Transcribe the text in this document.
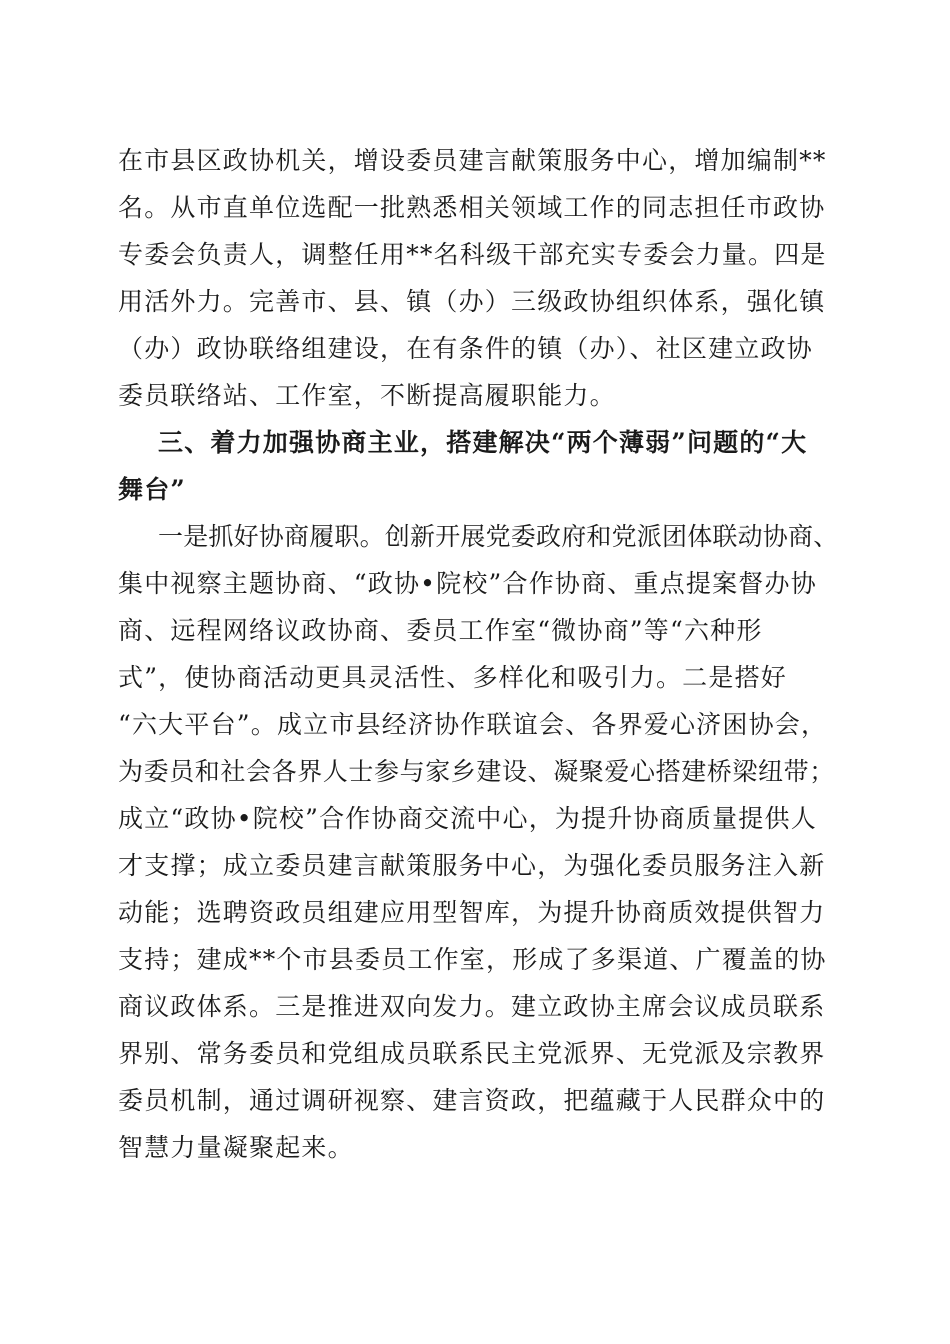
在市县区政协机关，增设委员建言献策服务中心，增加编制**
名。从市直单位选配一批熟悉相关领域工作的同志担任市政协
专委会负责人，调整任用**名科级干部充实专委会力量。四是
用活外力。完善市、县、镇（办）三级政协组织体系，强化镇
（办）政协联络组建设，在有条件的镇（办）、社区建立政协
委员联络站、工作室，不断提高履职能力。
三、着力加强协商主业，搭建解决“两个薄弱”问题的“大
舞台”
一是抓好协商履职。创新开展党委政府和党派团体联动协商、
集中视察主题协商、“政协•院校”合作协商、重点提案督办协
商、远程网络议政协商、委员工作室“微协商”等“六种形
式”，使协商活动更具灵活性、多样化和吸引力。二是搭好
“六大平台”。成立市县经济协作联谊会、各界爱心济困协会，
为委员和社会各界人士参与家乡建设、凝聚爱心搭建桥梁纽带；
成立“政协•院校”合作协商交流中心，为提升协商质量提供人
才支撑；成立委员建言献策服务中心，为强化委员服务注入新
动能；选聘资政员组建应用型智库，为提升协商质效提供智力
支持；建成**个市县委员工作室，形成了多渠道、广覆盖的协
商议政体系。三是推进双向发力。建立政协主席会议成员联系
界别、常务委员和党组成员联系民主党派界、无党派及宗教界
委员机制，通过调研视察、建言资政，把蕴藏于人民群众中的
智慧力量凝聚起来。
